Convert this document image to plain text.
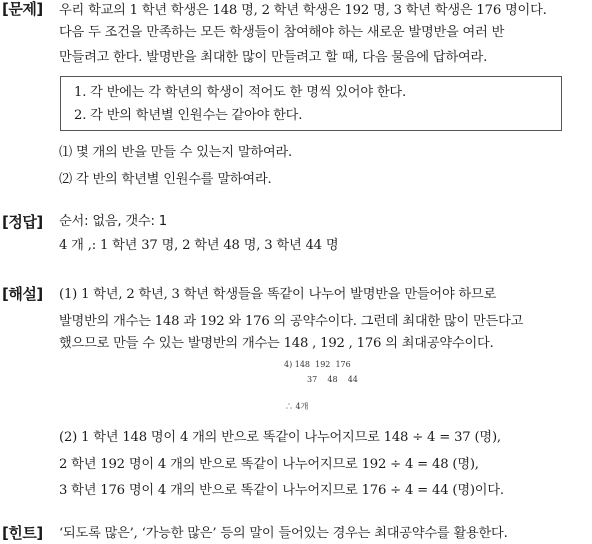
[문제] 우리 학교의 1 학년 학생은 148 명, 2 학년 학생은 192 명, 3 학년 학생은 176 명이다.
다음 두 조건을 만족하는 모든 학생들이 참여해야 하는 새로운 발명반을 여러 반
만들려고 한다. 발명반을 최대한 많이 만들려고 할 때, 다음 물음에 답하여라.
1. 각 반에는 각 학년의 학생이 적어도 한 명씩 있어야 한다.
2. 각 반의 학년별 인원수는 같아야 한다.
⑴ 몇 개의 반을 만들 수 있는지 말하여라.
⑵ 각 반의 학년별 인원수를 말하여라.
[정답] 순서: 없음, 갯수: 1
4 개 ,: 1 학년 37 명, 2 학년 48 명, 3 학년 44 명
[해설] (1) 1 학년, 2 학년, 3 학년 학생들을 똑같이 나누어 발명반을 만들어야 하므로
발명반의 개수는 148 과 192 와 176 의 공약수이다. 그런데 최대한 많이 만든다고
했으므로 만들 수 있는 발명반의 개수는 148 , 192 , 176 의 최대공약수이다.
4) 148  192  176
37    48    44
∴ 4개
(2) 1 학년 148 명이 4 개의 반으로 똑같이 나누어지므로 148 ÷ 4 = 37 (명),
2 학년 192 명이 4 개의 반으로 똑같이 나누어지므로 192 ÷ 4 = 48 (명),
3 학년 176 명이 4 개의 반으로 똑같이 나누어지므로 176 ÷ 4 = 44 (명)이다.
[힌트] ‘되도록 많은’, ‘가능한 많은’ 등의 말이 들어있는 경우는 최대공약수를 활용한다.
